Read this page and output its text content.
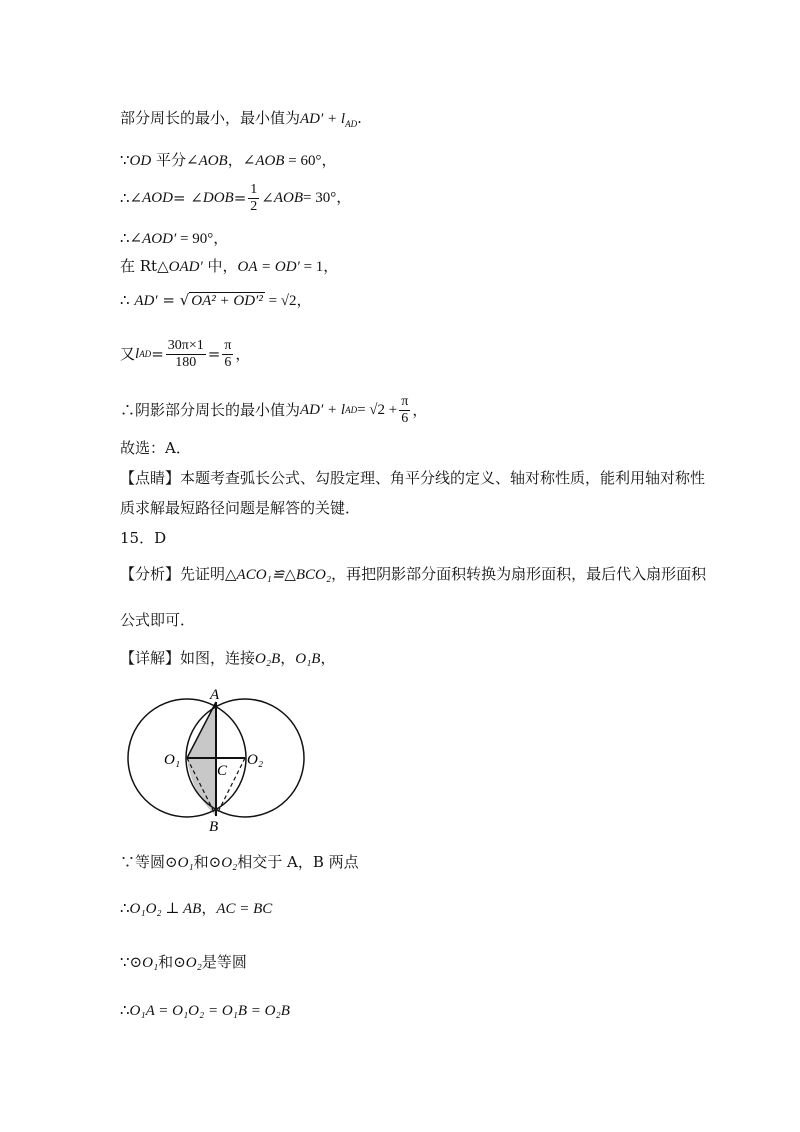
部分周长的最小，最小值为$AD' + l_{AD}$.
∵OD 平分∠AOB，∠AOB = 60°，
∴∠ AOD = ∠ DOB = $\frac{1}{2}$ ∠ AOB = 30°，
∴∠AOD′ = 90°，
在 Rt△OAD′ 中，OA = OD′ = 1，
∴ AD′ = √ OA² + OD′² = √2，
又 l AD = $\frac{30\pi\times 1}{180} = \frac{\pi}{6}$ ，
∴阴影部分周长的最小值为 AD′ + l AD = $√2 + \frac{\pi}{6}$ ，
故选：A．
【点睛】本题考查弧长公式、勾股定理、角平分线的定义、轴对称性质，能利用轴对称性
质求解最短路径问题是解答的关键．
15．D
【分析】先证明△ACO₁≌△BCO₂，再把阴影部分面积转换为扇形面积，最后代入扇形面积
公式即可．
【详解】如图，连接O₂B，O₁B，
A
B
C
O₁	O₂
∵等圆⊙O₁和⊙O₂相交于 A，B 两点
∴O₁O₂ ⊥ AB，AC = BC
∵⊙O₁和⊙O₂是等圆
∴O₁A = O₁O₂ = O₁B = O₂B
